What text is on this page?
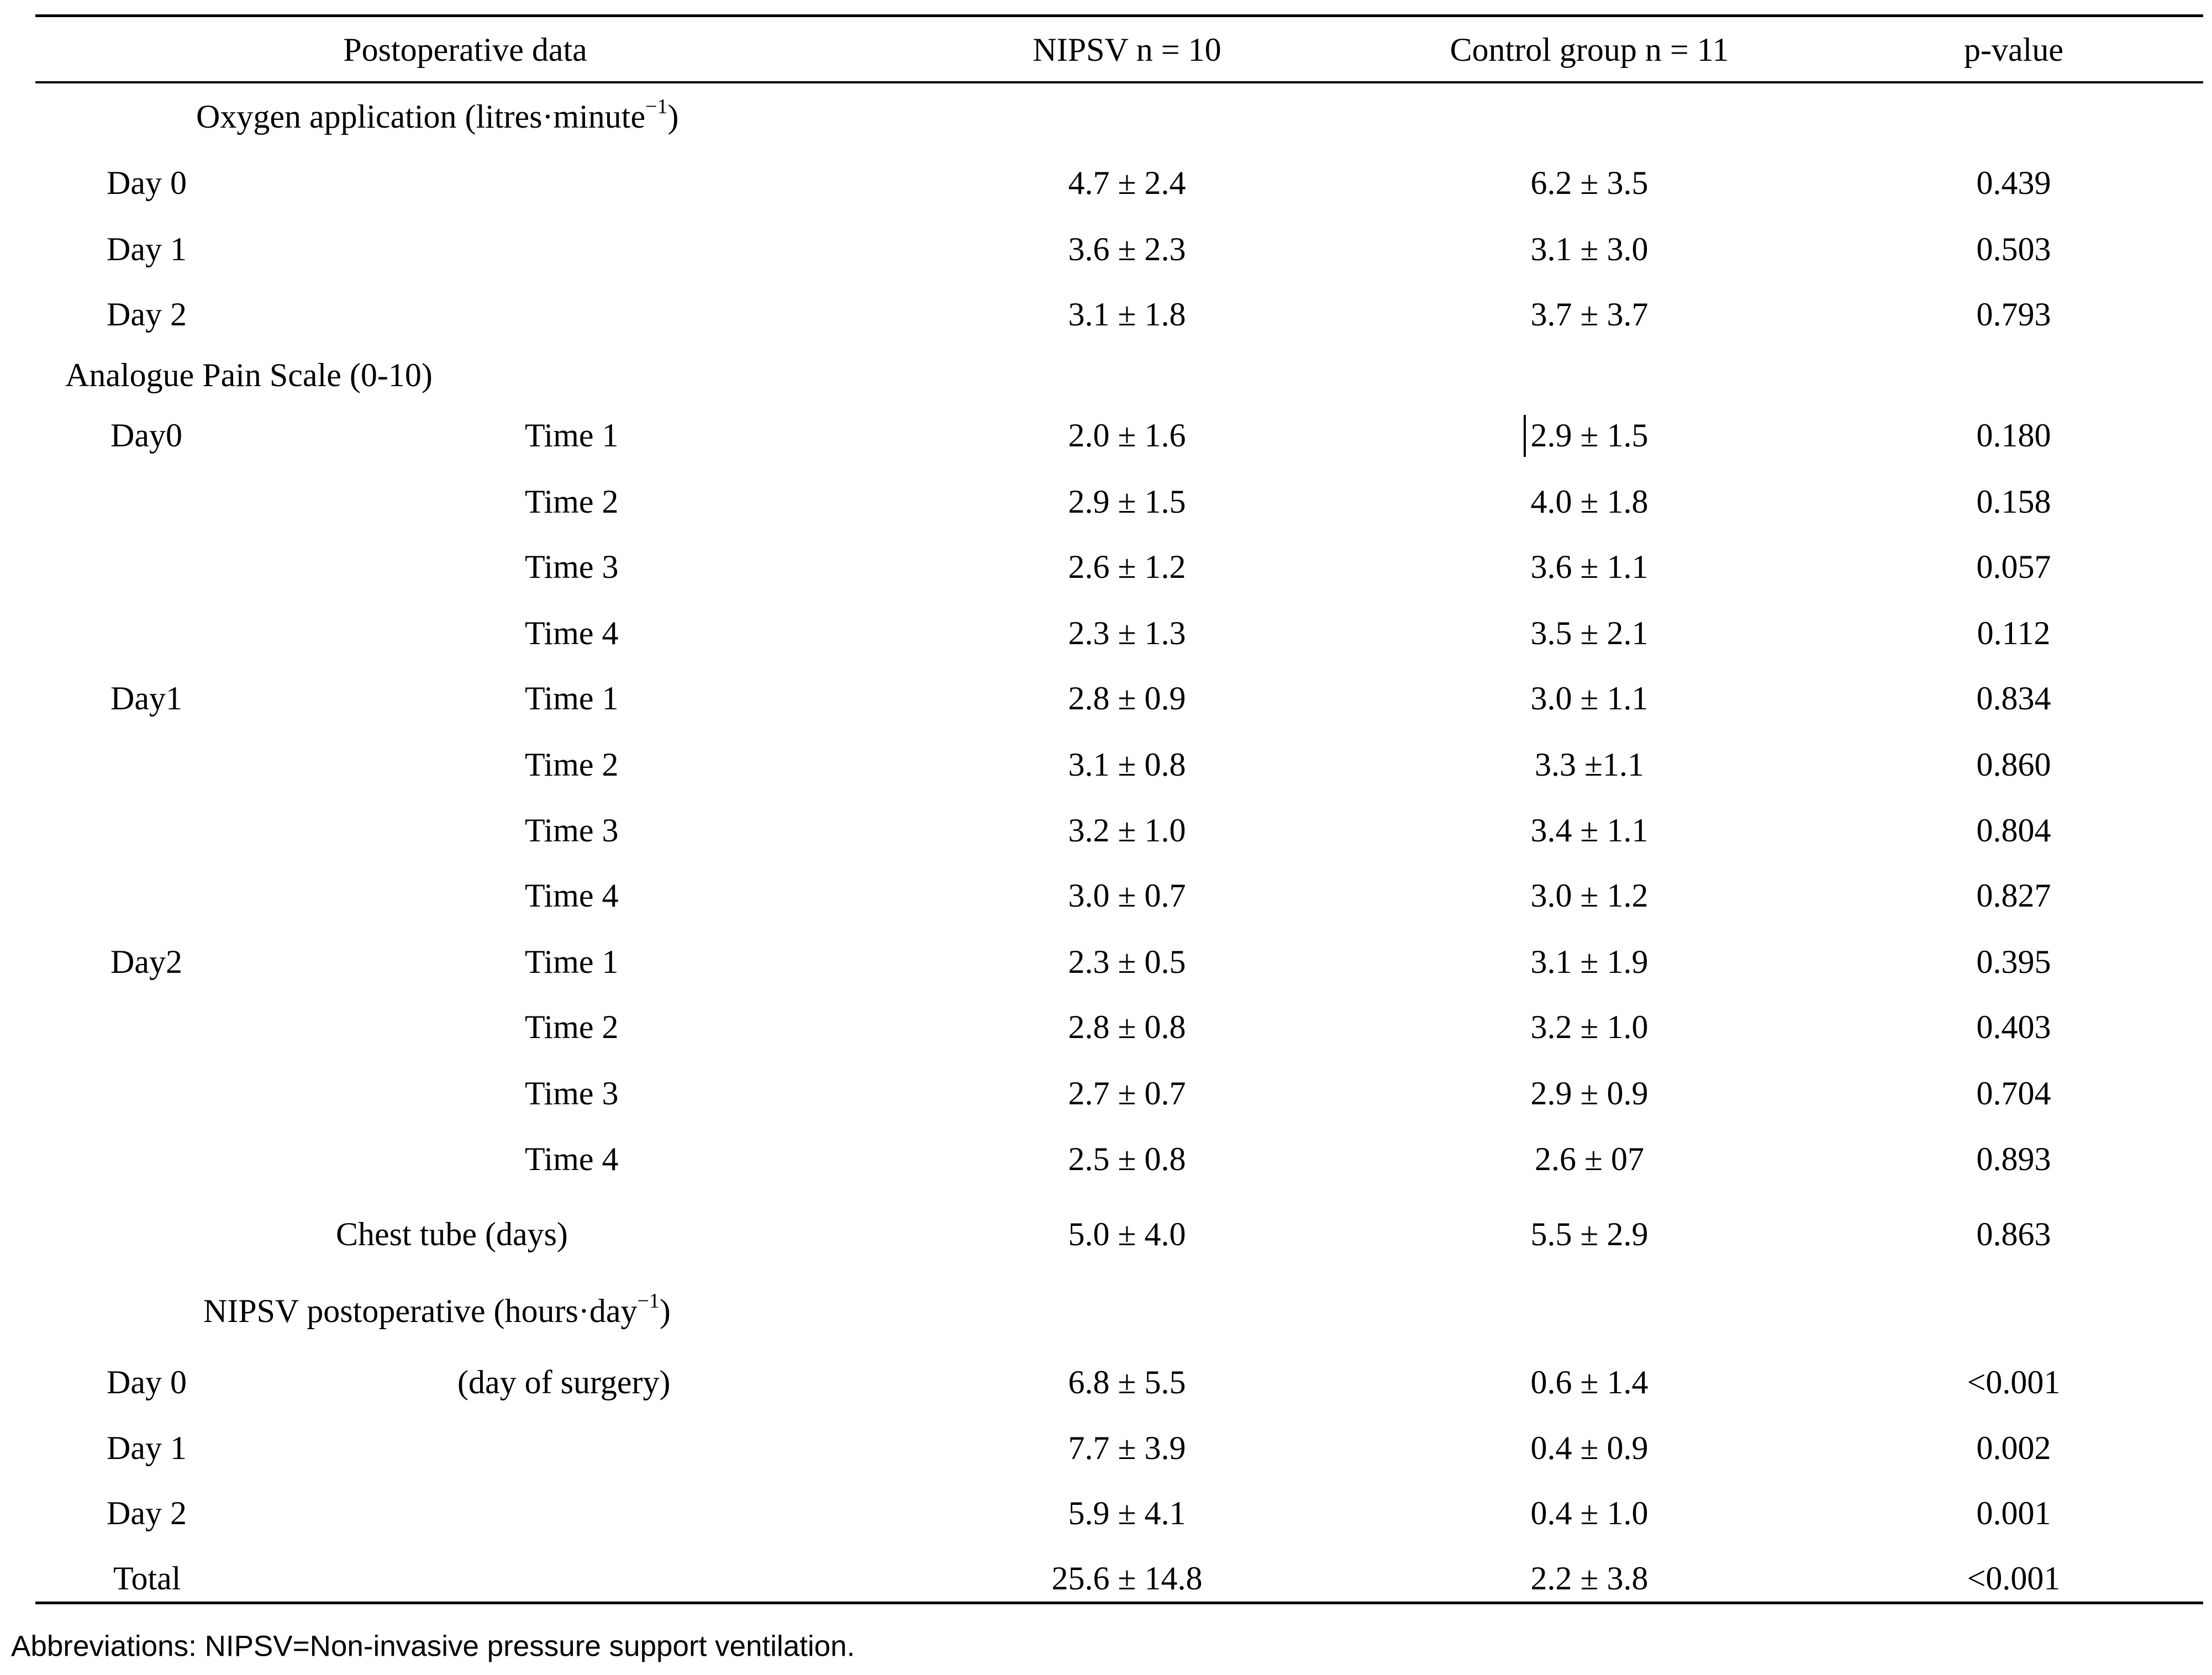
Postoperative data	NIPSV n = 10	Control group n = 11	p-value
Oxygen application (litres·minute$^{-1}$)
Day 0	4.7 ± 2.4	6.2 ± 3.5	0.439
Day 1	3.6 ± 2.3	3.1 ± 3.0	0.503
Day 2	3.1 ± 1.8	3.7 ± 3.7	0.793
Analogue Pain Scale (0-10)
Day0	Time 1	2.0 ± 1.6	2.9 ± 1.5	0.180
Time 2	2.9 ± 1.5	4.0 ± 1.8	0.158
Time 3	2.6 ± 1.2	3.6 ± 1.1	0.057
Time 4	2.3 ± 1.3	3.5 ± 2.1	0.112
Day1	Time 1	2.8 ± 0.9	3.0 ± 1.1	0.834
Time 2	3.1 ± 0.8	3.3 ±1.1	0.860
Time 3	3.2 ± 1.0	3.4 ± 1.1	0.804
Time 4	3.0 ± 0.7	3.0 ± 1.2	0.827
Day2	Time 1	2.3 ± 0.5	3.1 ± 1.9	0.395
Time 2	2.8 ± 0.8	3.2 ± 1.0	0.403
Time 3	2.7 ± 0.7	2.9 ± 0.9	0.704
Time 4	2.5 ± 0.8	2.6 ± 07	0.893
Chest tube (days)	5.0 ± 4.0	5.5 ± 2.9	0.863
NIPSV postoperative (hours·day$^{-1}$)
Day 0	(day of surgery)	6.8 ± 5.5	0.6 ± 1.4	<0.001
Day 1	7.7 ± 3.9	0.4 ± 0.9	0.002
Day 2	5.9 ± 4.1	0.4 ± 1.0	0.001
Total	25.6 ± 14.8	2.2 ± 3.8	<0.001
Abbreviations: NIPSV=Non-invasive pressure support ventilation.
